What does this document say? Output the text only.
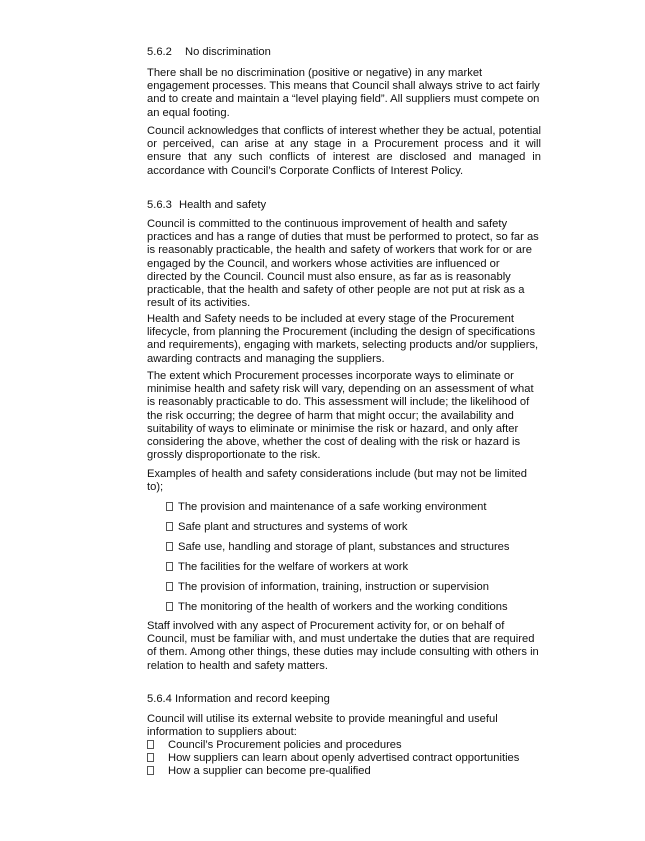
5.6.2 No discrimination

There shall be no discrimination (positive or negative) in any market engagement processes. This means that Council shall always strive to act fairly and to create and maintain a “level playing field”. All suppliers must compete on an equal footing.

Council acknowledges that conflicts of interest whether they be actual, potential or perceived, can arise at any stage in a Procurement process and it will ensure that any such conflicts of interest are disclosed and managed in accordance with Council’s Corporate Conflicts of Interest Policy.

5.6.3 Health and safety

Council is committed to the continuous improvement of health and safety practices and has a range of duties that must be performed to protect, so far as is reasonably practicable, the health and safety of workers that work for or are engaged by the Council, and workers whose activities are influenced or directed by the Council. Council must also ensure, as far as is reasonably practicable, that the health and safety of other people are not put at risk as a result of its activities.

Health and Safety needs to be included at every stage of the Procurement lifecycle, from planning the Procurement (including the design of specifications and requirements), engaging with markets, selecting products and/or suppliers, awarding contracts and managing the suppliers.

The extent which Procurement processes incorporate ways to eliminate or minimise health and safety risk will vary, depending on an assessment of what is reasonably practicable to do. This assessment will include; the likelihood of the risk occurring; the degree of harm that might occur; the availability and suitability of ways to eliminate or minimise the risk or hazard, and only after considering the above, whether the cost of dealing with the risk or hazard is grossly disproportionate to the risk.

Examples of health and safety considerations include (but may not be limited to);

The provision and maintenance of a safe working environment
Safe plant and structures and systems of work
Safe use, handling and storage of plant, substances and structures
The facilities for the welfare of workers at work
The provision of information, training, instruction or supervision
The monitoring of the health of workers and the working conditions

Staff involved with any aspect of Procurement activity for, or on behalf of Council, must be familiar with, and must undertake the duties that are required of them. Among other things, these duties may include consulting with others in relation to health and safety matters.

5.6.4 Information and record keeping

Council will utilise its external website to provide meaningful and useful information to suppliers about:

Council’s Procurement policies and procedures
How suppliers can learn about openly advertised contract opportunities
How a supplier can become pre-qualified
